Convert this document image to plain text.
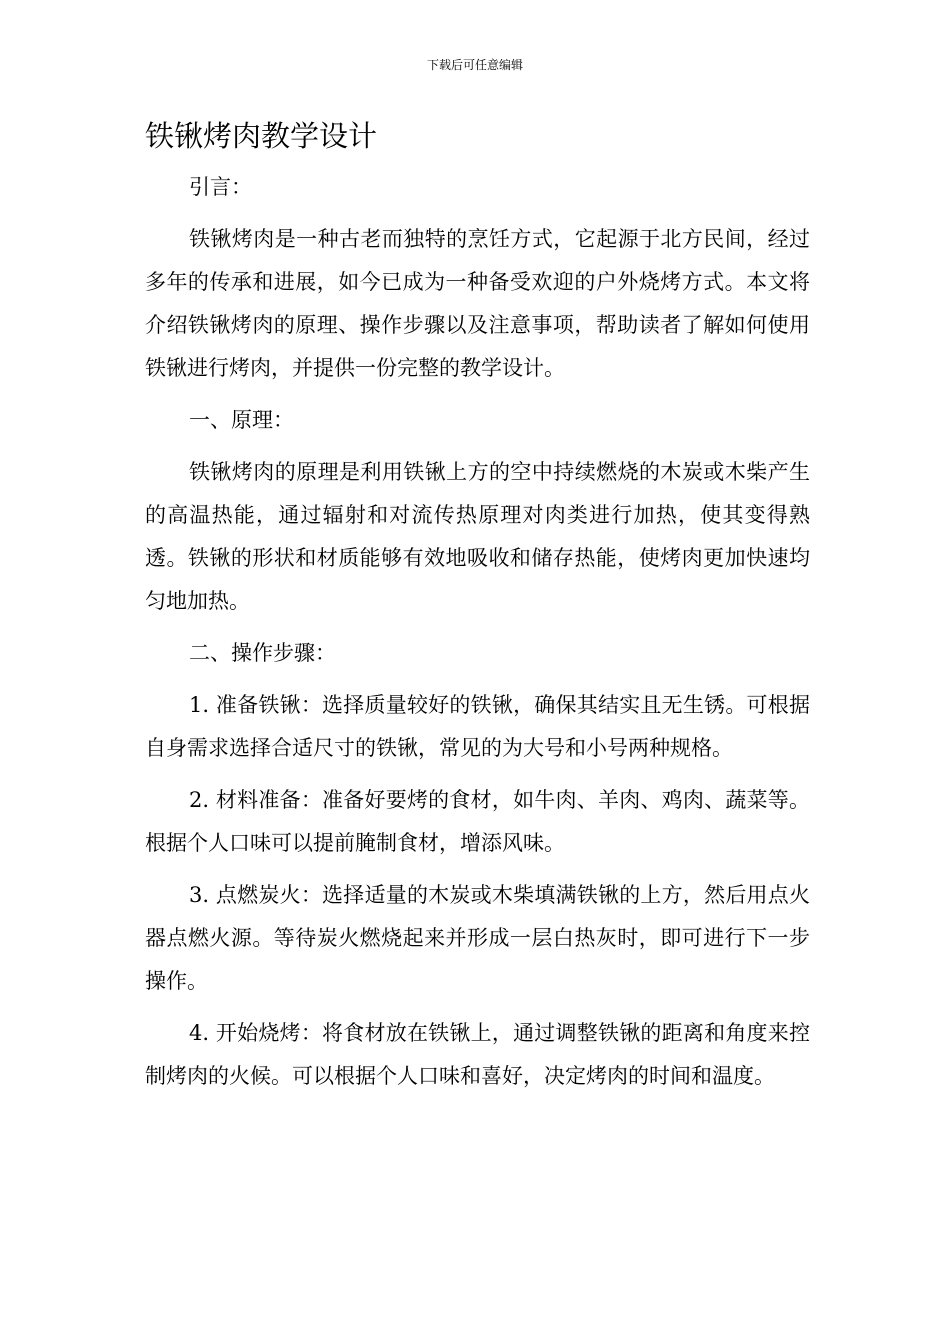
下载后可任意编辑
铁锹烤肉教学设计

引言：

铁锹烤肉是一种古老而独特的烹饪方式，它起源于北方民间，经过多年的传承和进展，如今已成为一种备受欢迎的户外烧烤方式。本文将介绍铁锹烤肉的原理、操作步骤以及注意事项，帮助读者了解如何使用铁锹进行烤肉，并提供一份完整的教学设计。

一、原理：

铁锹烤肉的原理是利用铁锹上方的空中持续燃烧的木炭或木柴产生的高温热能，通过辐射和对流传热原理对肉类进行加热，使其变得熟透。铁锹的形状和材质能够有效地吸收和储存热能，使烤肉更加快速均匀地加热。

二、操作步骤：

1. 准备铁锹：选择质量较好的铁锹，确保其结实且无生锈。可根据自身需求选择合适尺寸的铁锹，常见的为大号和小号两种规格。

2. 材料准备：准备好要烤的食材，如牛肉、羊肉、鸡肉、蔬菜等。根据个人口味可以提前腌制食材，增添风味。

3. 点燃炭火：选择适量的木炭或木柴填满铁锹的上方，然后用点火器点燃火源。等待炭火燃烧起来并形成一层白热灰时，即可进行下一步操作。

4. 开始烧烤：将食材放在铁锹上，通过调整铁锹的距离和角度来控制烤肉的火候。可以根据个人口味和喜好，决定烤肉的时间和温度。
